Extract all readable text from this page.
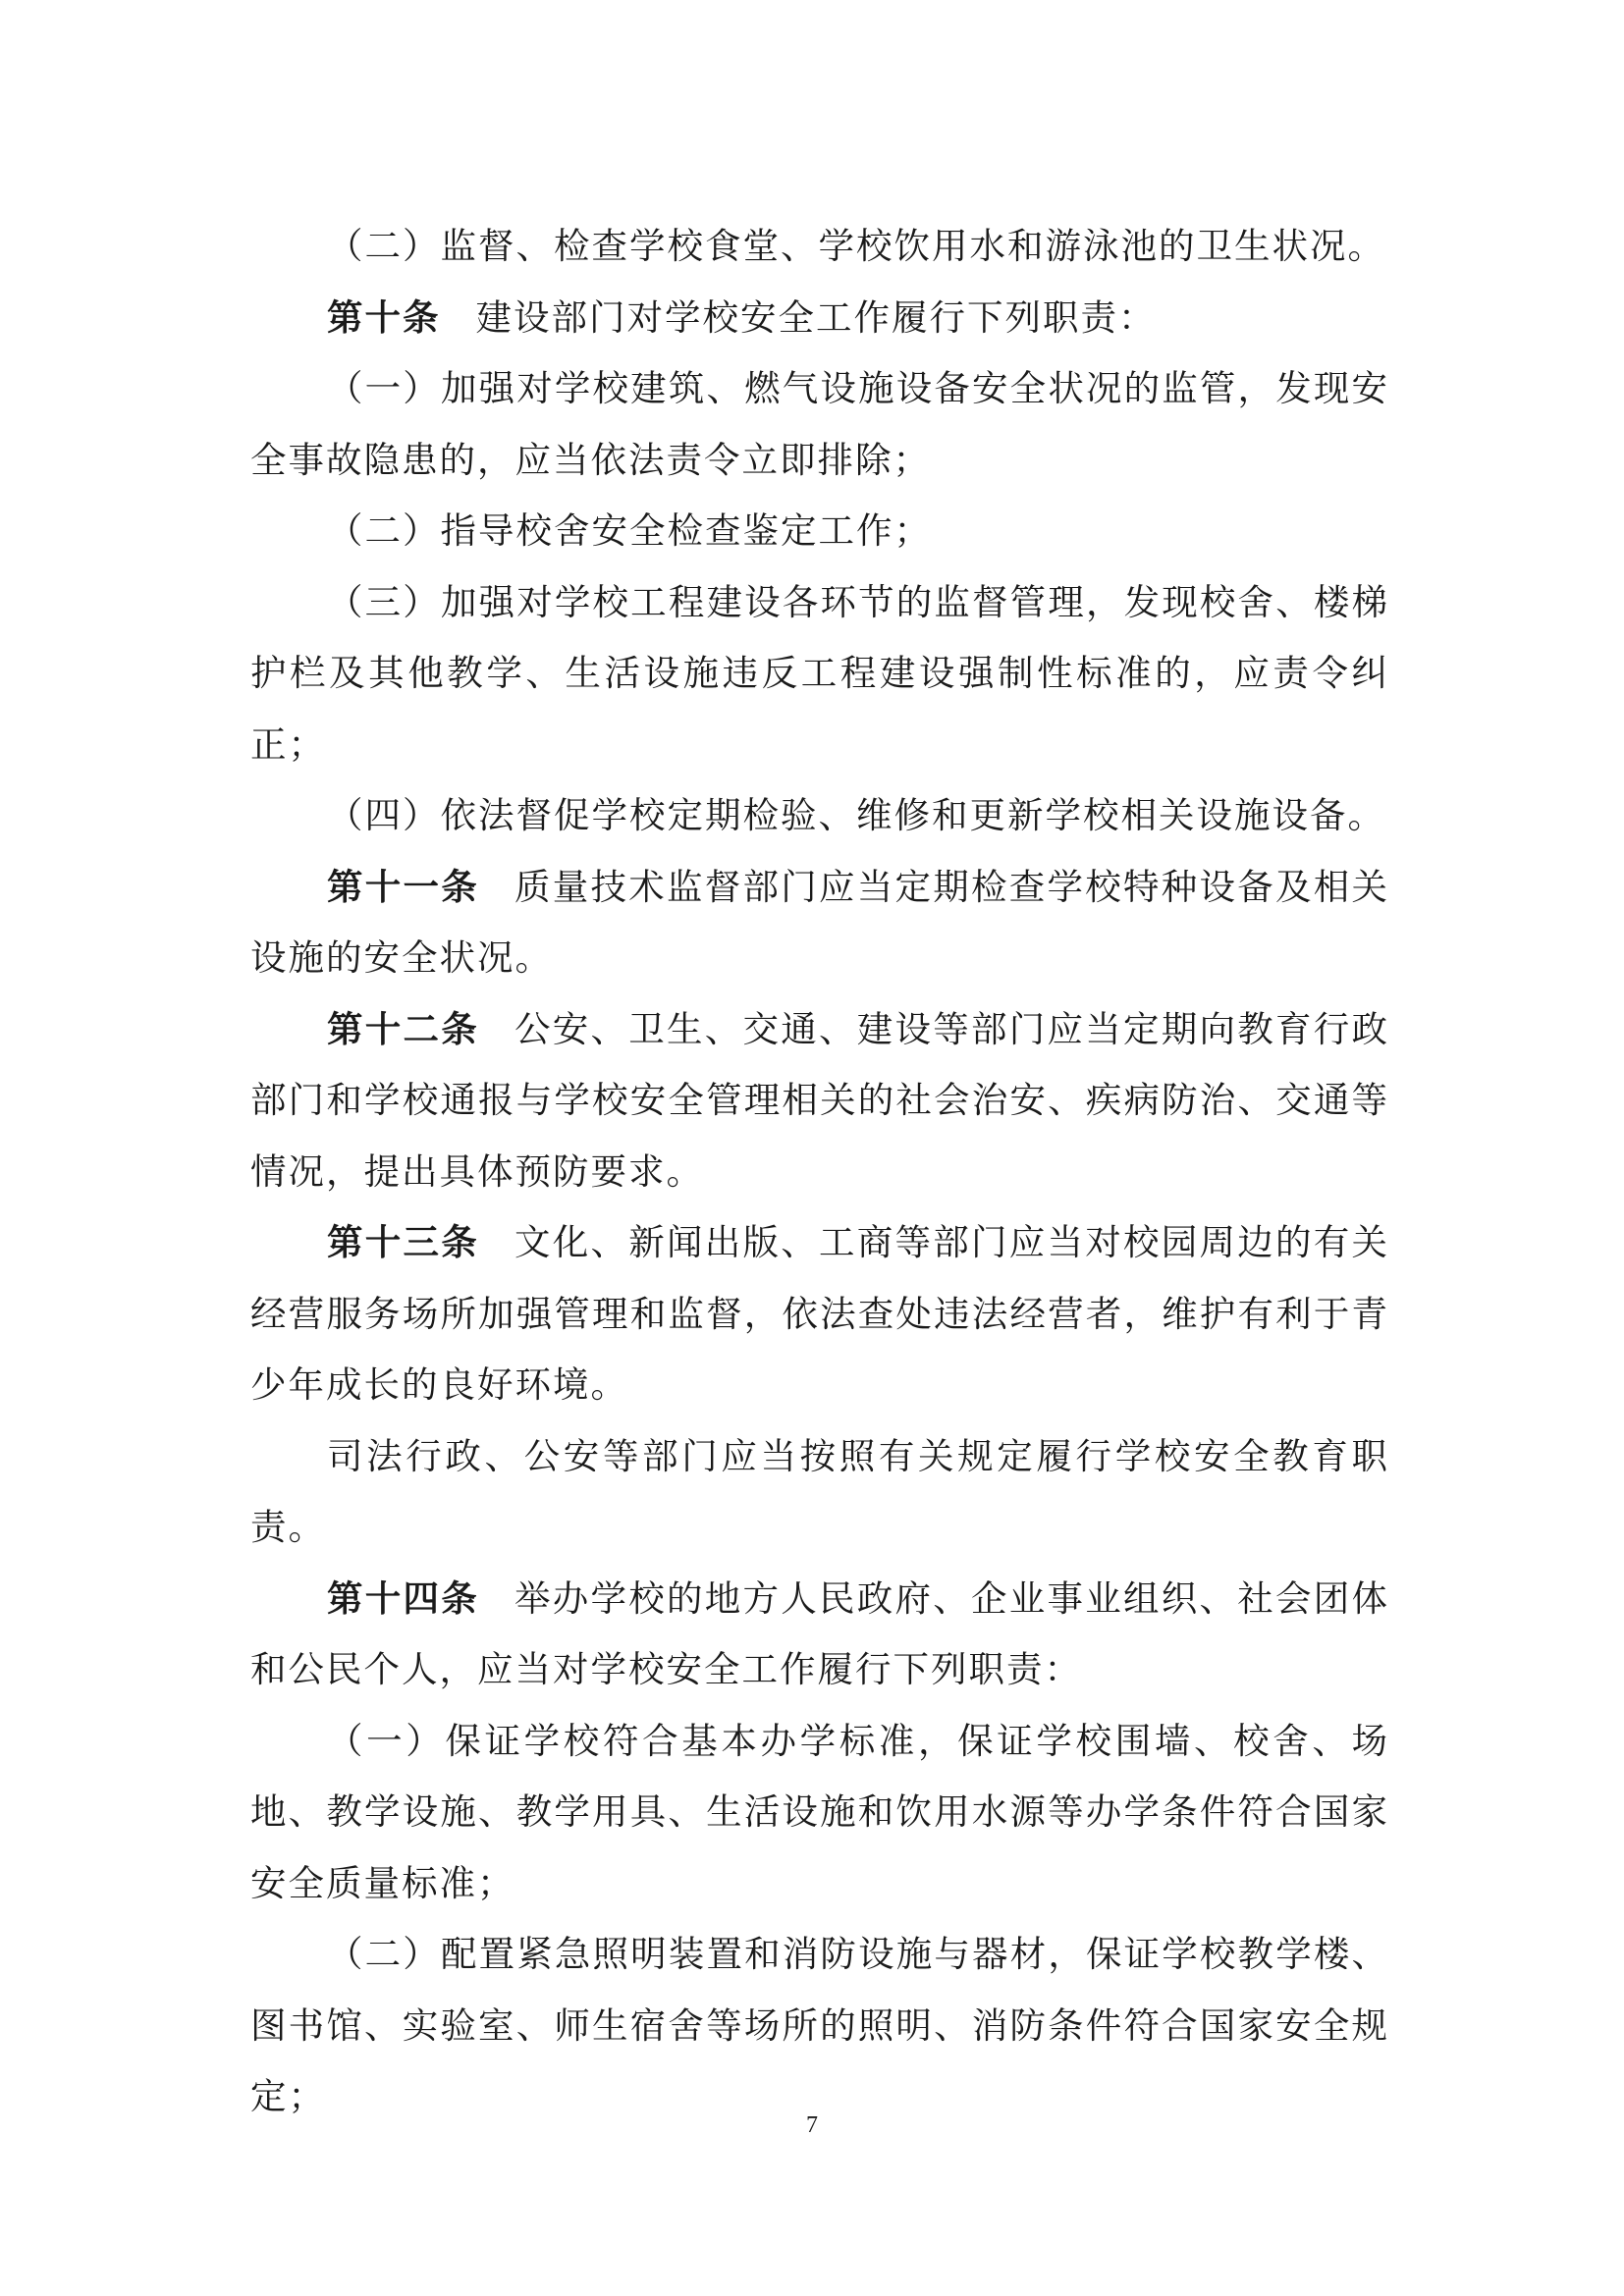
（二）监督、检查学校食堂、学校饮用水和游泳池的卫生状况。

第十条 建设部门对学校安全工作履行下列职责：

（一）加强对学校建筑、燃气设施设备安全状况的监管，发现安全事故隐患的，应当依法责令立即排除；

（二）指导校舍安全检查鉴定工作；

（三）加强对学校工程建设各环节的监督管理，发现校舍、楼梯护栏及其他教学、生活设施违反工程建设强制性标准的，应责令纠正；

（四）依法督促学校定期检验、维修和更新学校相关设施设备。

第十一条 质量技术监督部门应当定期检查学校特种设备及相关设施的安全状况。

第十二条 公安、卫生、交通、建设等部门应当定期向教育行政部门和学校通报与学校安全管理相关的社会治安、疾病防治、交通等情况，提出具体预防要求。

第十三条 文化、新闻出版、工商等部门应当对校园周边的有关经营服务场所加强管理和监督，依法查处违法经营者，维护有利于青少年成长的良好环境。

司法行政、公安等部门应当按照有关规定履行学校安全教育职责。

第十四条 举办学校的地方人民政府、企业事业组织、社会团体和公民个人，应当对学校安全工作履行下列职责：

（一）保证学校符合基本办学标准，保证学校围墙、校舍、场地、教学设施、教学用具、生活设施和饮用水源等办学条件符合国家安全质量标准；

（二）配置紧急照明装置和消防设施与器材，保证学校教学楼、图书馆、实验室、师生宿舍等场所的照明、消防条件符合国家安全规定；

7
